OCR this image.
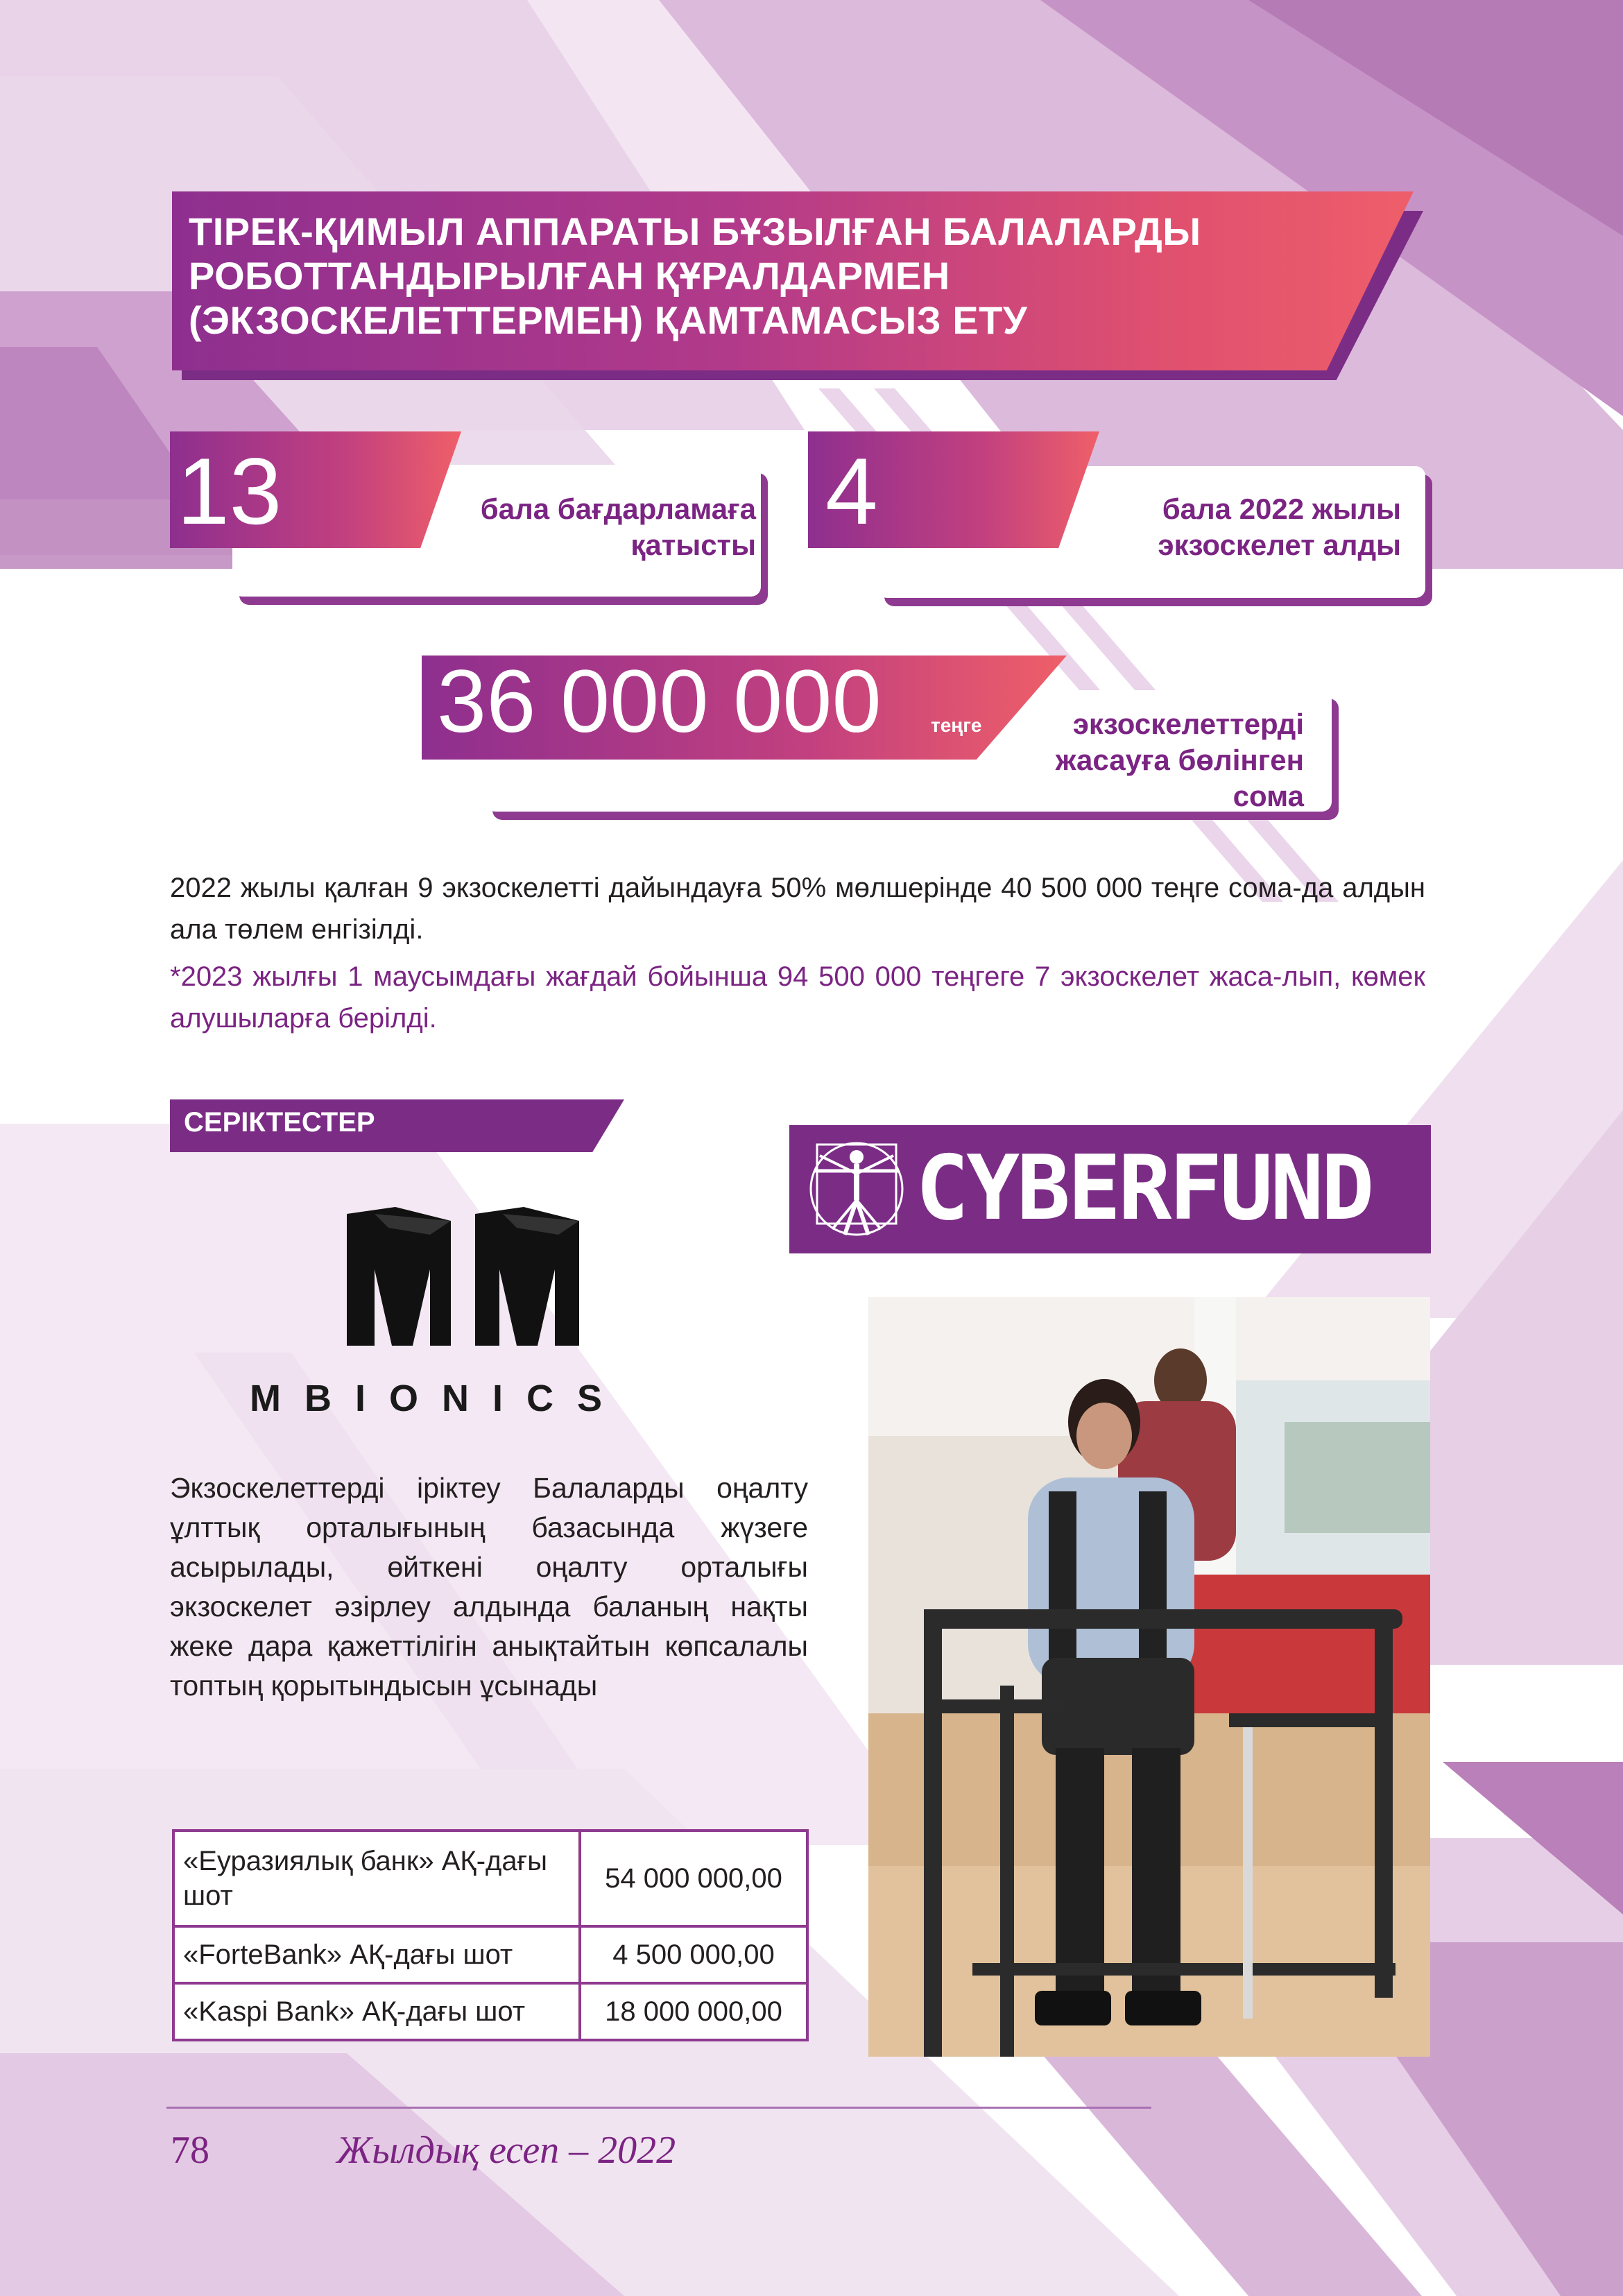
ТІРЕК-ҚИМЫЛ АППАРАТЫ БҰЗЫЛҒАН БАЛАЛАРДЫ
РОБОТТАНДЫРЫЛҒАН ҚҰРАЛДАРМЕН
(ЭКЗОСКЕЛЕТТЕРМЕН) ҚАМТАМАСЫЗ ЕТУ
13	бала бағдарламаға
қатысты
4	бала 2022 жылы
экзоскелет алды
36 000 000	теңге	экзоскелеттерді
жасауға бөлінген
сома
2022 жылы қалған 9 экзоскелетті дайындауға 50% мөлшерінде 40 500 000 теңге сома-да алдын ала төлем енгізілді.
*2023 жылғы 1 маусымдағы жағдай бойынша 94 500 000 теңгеге 7 экзоскелет жаса-лып, көмек алушыларға берілді.
СЕРІКТЕСТЕР
CYBERFUND
MBIONICS
Экзоскелеттерді іріктеу Балаларды оңалту ұлттық орталығының базасында жүзеге асырылады, өйткені оңалту орталығы экзоскелет әзірлеу алдында баланың нақты жеке дара қажеттілігін анықтайтын көпсалалы топтың қорытындысын ұсынады
«Еуразиялық банк» АҚ-дағы шот	54 000 000,00
«ForteBank» АҚ-дағы шот	4 500 000,00
«Kaspi Bank» АҚ-дағы шот	18 000 000,00
78	Жылдық есеп – 2022
